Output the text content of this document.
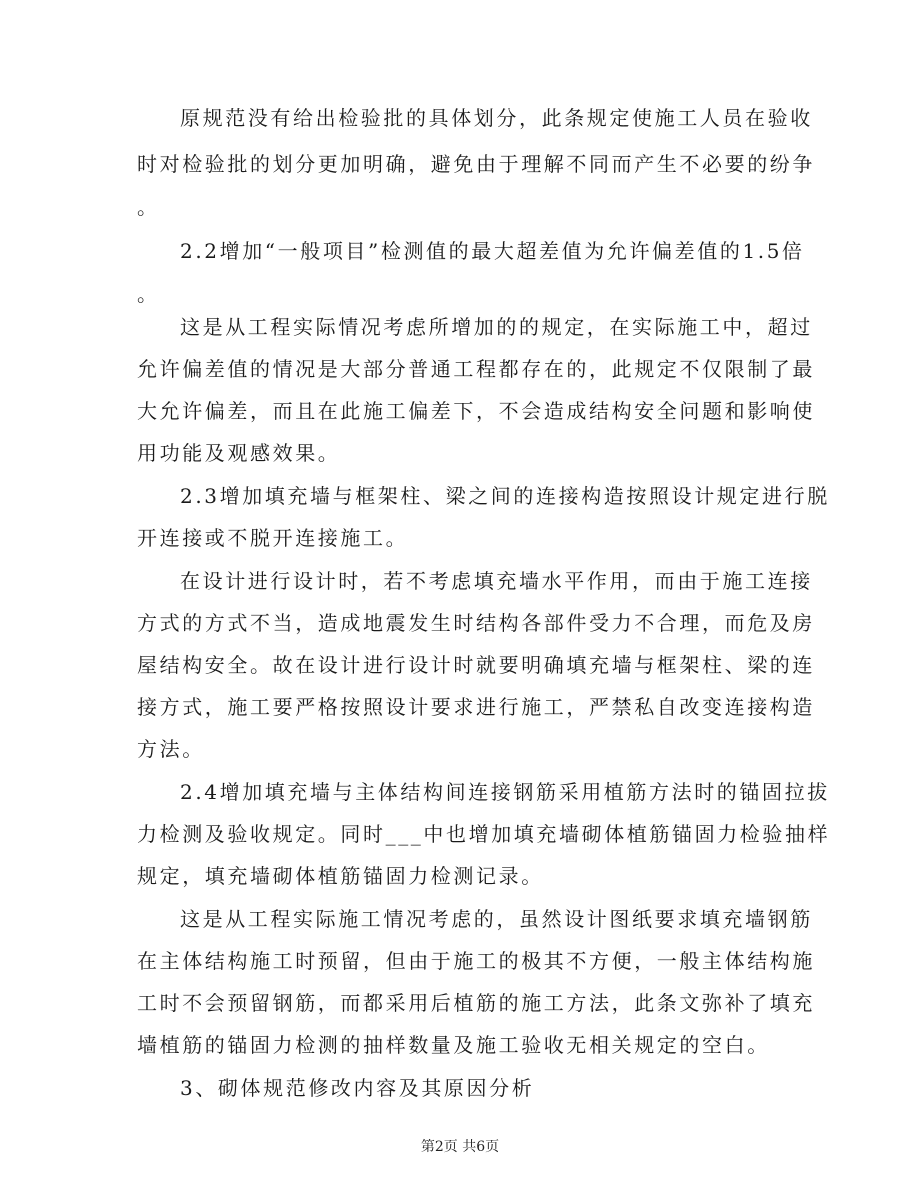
原规范没有给出检验批的具体划分，此条规定使施工人员在验收
时对检验批的划分更加明确，避免由于理解不同而产生不必要的纷争
。
2.2增加“一般项目”检测值的最大超差值为允许偏差值的1.5倍
。
这是从工程实际情况考虑所增加的的规定，在实际施工中，超过
允许偏差值的情况是大部分普通工程都存在的，此规定不仅限制了最
大允许偏差，而且在此施工偏差下，不会造成结构安全问题和影响使
用功能及观感效果。
2.3增加填充墙与框架柱、梁之间的连接构造按照设计规定进行脱
开连接或不脱开连接施工。
在设计进行设计时，若不考虑填充墙水平作用，而由于施工连接
方式的方式不当，造成地震发生时结构各部件受力不合理，而危及房
屋结构安全。故在设计进行设计时就要明确填充墙与框架柱、梁的连
接方式，施工要严格按照设计要求进行施工，严禁私自改变连接构造
方法。
2.4增加填充墙与主体结构间连接钢筋采用植筋方法时的锚固拉拔
力检测及验收规定。同时___中也增加填充墙砌体植筋锚固力检验抽样
规定，填充墙砌体植筋锚固力检测记录。
这是从工程实际施工情况考虑的，虽然设计图纸要求填充墙钢筋
在主体结构施工时预留，但由于施工的极其不方便，一般主体结构施
工时不会预留钢筋，而都采用后植筋的施工方法，此条文弥补了填充
墙植筋的锚固力检测的抽样数量及施工验收无相关规定的空白。
3、砌体规范修改内容及其原因分析
第2页 共6页
